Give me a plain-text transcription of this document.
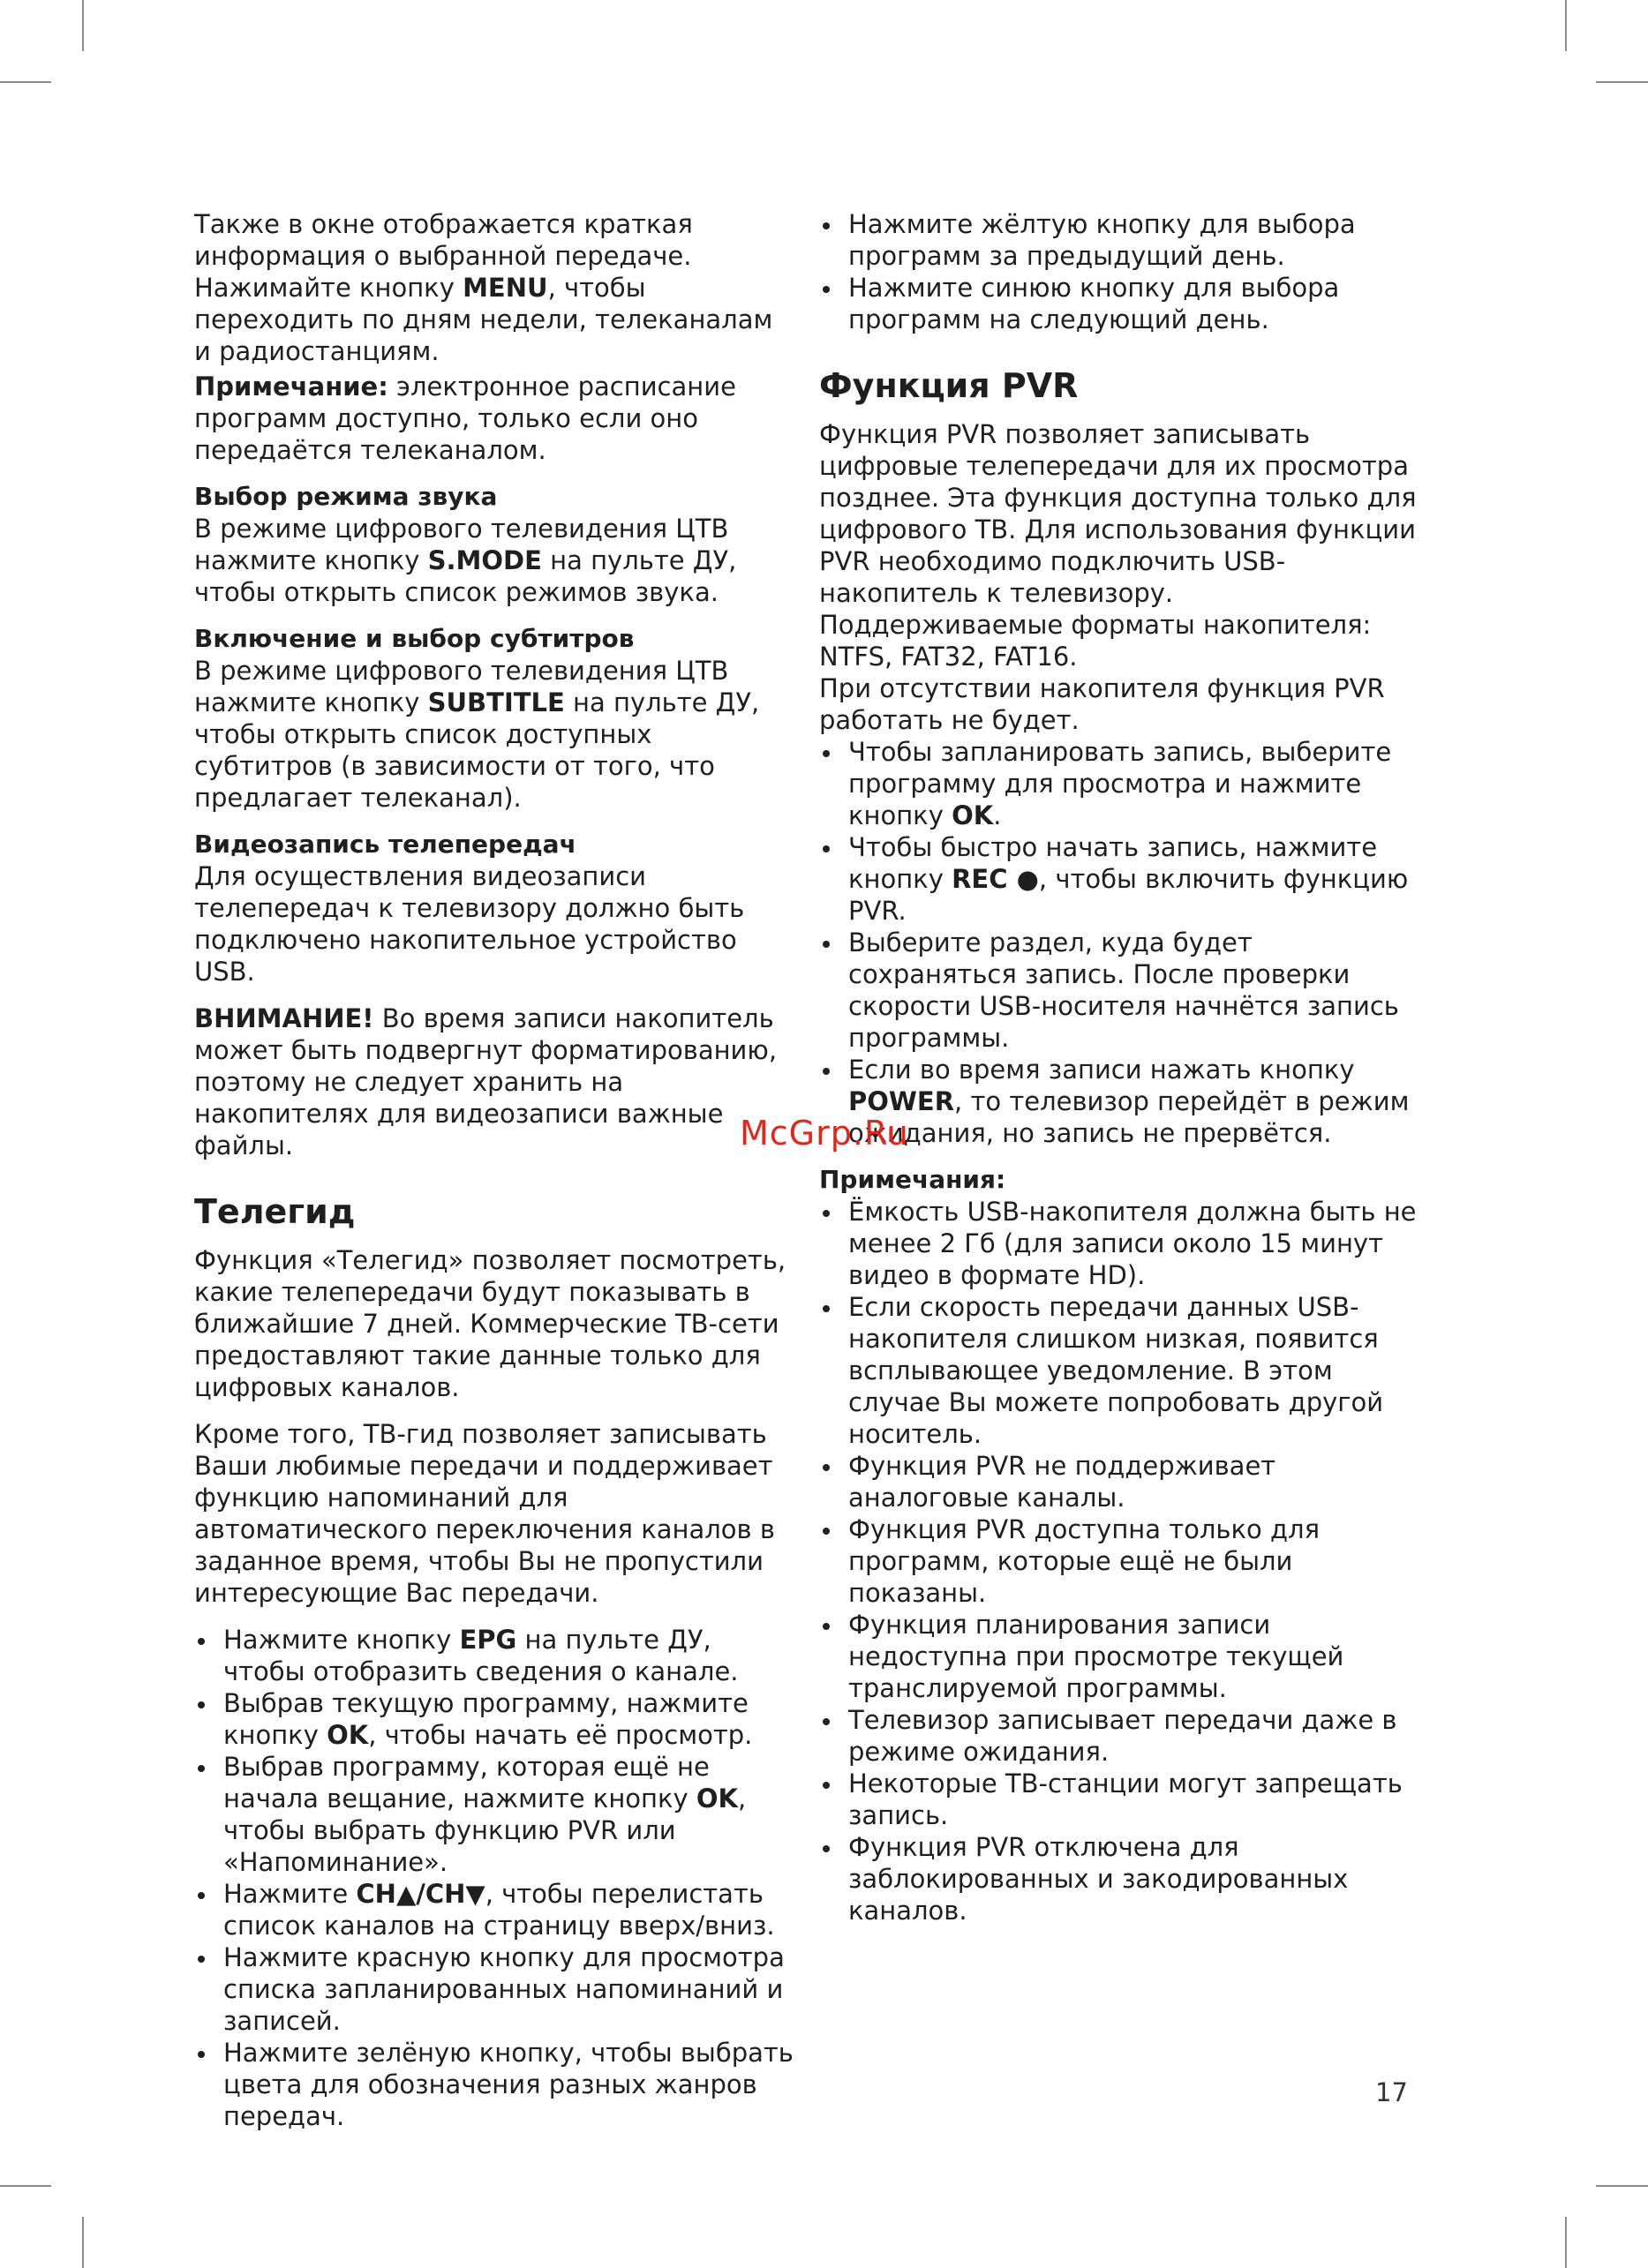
Также в окне отображается краткая информация о выбранной передаче. Нажимайте кнопку MENU, чтобы переходить по дням недели, телеканалам и радиостанциям.

Примечание: электронное расписание программ доступно, только если оно передаётся телеканалом.

Выбор режима звука

В режиме цифрового телевидения ЦТВ нажмите кнопку S.MODE на пульте ДУ, чтобы открыть список режимов звука.

Включение и выбор субтитров

В режиме цифрового телевидения ЦТВ нажмите кнопку SUBTITLE на пульте ДУ, чтобы открыть список доступных субтитров (в зависимости от того, что предлагает телеканал).

Видеозапись телепередач

Для осуществления видеозаписи телепередач к телевизору должно быть подключено накопительное устройство USB.

ВНИМАНИЕ! Во время записи накопитель может быть подвергнут форматированию, поэтому не следует хранить на накопителях для видеозаписи важные файлы.

Телегид

Функция «Телегид» позволяет посмотреть, какие телепередачи будут показывать в ближайшие 7 дней. Коммерческие ТВ-сети предоставляют такие данные только для цифровых каналов.

Кроме того, ТВ-гид позволяет записывать Ваши любимые передачи и поддерживает функцию напоминаний для автоматического переключения каналов в заданное время, чтобы Вы не пропустили интересующие Вас передачи.

Нажмите кнопку EPG на пульте ДУ, чтобы отобразить сведения о канале.
Выбрав текущую программу, нажмите кнопку OK, чтобы начать её просмотр.
Выбрав программу, которая ещё не начала вещание, нажмите кнопку OK, чтобы выбрать функцию PVR или «Напоминание».
Нажмите CH▲/CH▼, чтобы перелистать список каналов на страницу вверх/вниз.
Нажмите красную кнопку для просмотра списка запланированных напоминаний и записей.
Нажмите зелёную кнопку, чтобы выбрать цвета для обозначения разных жанров передач.
Нажмите жёлтую кнопку для выбора программ за предыдущий день.
Нажмите синюю кнопку для выбора программ на следующий день.
Функция PVR

Функция PVR позволяет записывать цифровые телепередачи для их просмотра позднее. Эта функция доступна только для цифрового ТВ. Для использования функции PVR необходимо подключить USB-накопитель к телевизору.

Поддерживаемые форматы накопителя: NTFS, FAT32, FAT16.

При отсутствии накопителя функция PVR работать не будет.

Чтобы запланировать запись, выберите программу для просмотра и нажмите кнопку OK.
Чтобы быстро начать запись, нажмите кнопку REC ●, чтобы включить функцию PVR.
Выберите раздел, куда будет сохраняться запись. После проверки скорости USB-носителя начнётся запись программы.
Если во время записи нажать кнопку POWER, то телевизор перейдёт в режим ожидания, но запись не прервётся.

Примечания:

Ёмкость USB-накопителя должна быть не менее 2 Гб (для записи около 15 минут видео в формате HD).
Если скорость передачи данных USB-накопителя слишком низкая, появится всплывающее уведомление. В этом случае Вы можете попробовать другой носитель.
Функция PVR не поддерживает аналоговые каналы.
Функция PVR доступна только для программ, которые ещё не были показаны.
Функция планирования записи недоступна при просмотре текущей транслируемой программы.
Телевизор записывает передачи даже в режиме ожидания.
Некоторые ТВ-станции могут запрещать запись.
Функция PVR отключена для заблокированных и закодированных каналов.
McGrp.Ru
17
